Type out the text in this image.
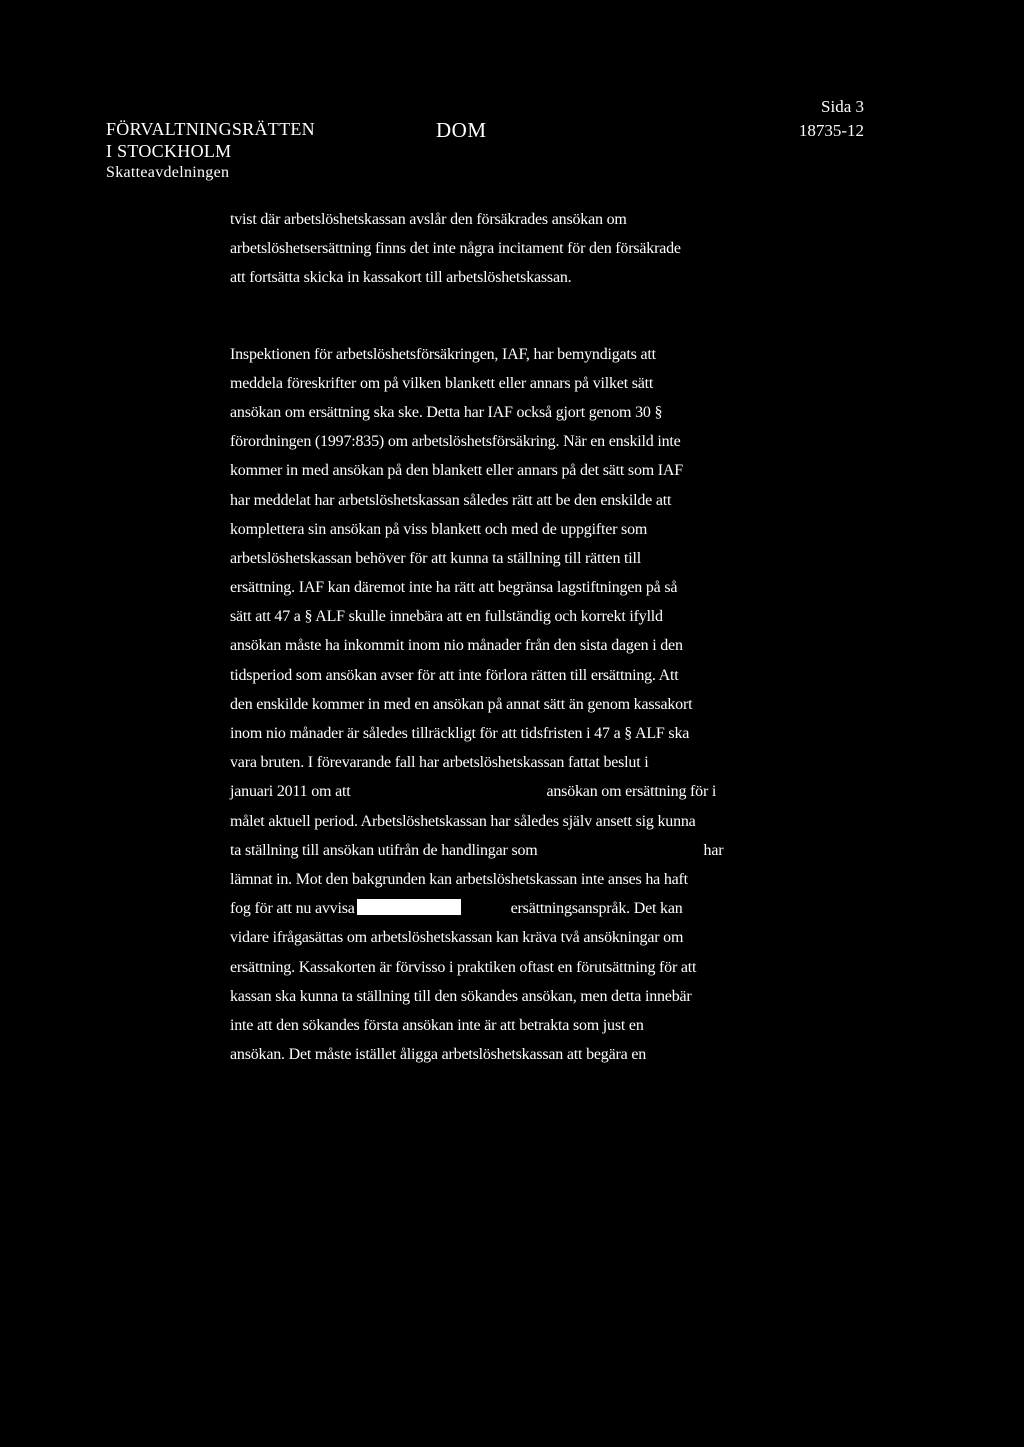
FÖRVALTNINGSRÄTTEN
I STOCKHOLM
Skatteavdelningen
DOM
Sida 3
18735-12
tvist där arbetslöshetskassan avslår den försäkrades ansökan om
arbetslöshetsersättning finns det inte några incitament för den försäkrade
att fortsätta skicka in kassakort till arbetslöshetskassan.
Inspektionen för arbetslöshetsförsäkringen, IAF, har bemyndigats att
meddela föreskrifter om på vilken blankett eller annars på vilket sätt
ansökan om ersättning ska ske. Detta har IAF också gjort genom 30 §
förordningen (1997:835) om arbetslöshetsförsäkring. När en enskild inte
kommer in med ansökan på den blankett eller annars på det sätt som IAF
har meddelat har arbetslöshetskassan således rätt att be den enskilde att
komplettera sin ansökan på viss blankett och med de uppgifter som
arbetslöshetskassan behöver för att kunna ta ställning till rätten till
ersättning. IAF kan däremot inte ha rätt att begränsa lagstiftningen på så
sätt att 47 a § ALF skulle innebära att en fullständig och korrekt ifylld
ansökan måste ha inkommit inom nio månader från den sista dagen i den
tidsperiod som ansökan avser för att inte förlora rätten till ersättning. Att
den enskilde kommer in med en ansökan på annat sätt än genom kassakort
inom nio månader är således tillräckligt för att tidsfristen i 47 a § ALF ska
vara bruten. I förevarande fall har arbetslöshetskassan fattat beslut i
januari 2011 om att	ansökan om ersättning för i
målet aktuell period. Arbetslöshetskassan har således själv ansett sig kunna
ta ställning till ansökan utifrån de handlingar som	har
lämnat in. Mot den bakgrunden kan arbetslöshetskassan inte anses ha haft
fog för att nu avvisa	ersättningsanspråk. Det kan
vidare ifrågasättas om arbetslöshetskassan kan kräva två ansökningar om
ersättning. Kassakorten är förvisso i praktiken oftast en förutsättning för att
kassan ska kunna ta ställning till den sökandes ansökan, men detta innebär
inte att den sökandes första ansökan inte är att betrakta som just en
ansökan. Det måste istället åligga arbetslöshetskassan att begära en
